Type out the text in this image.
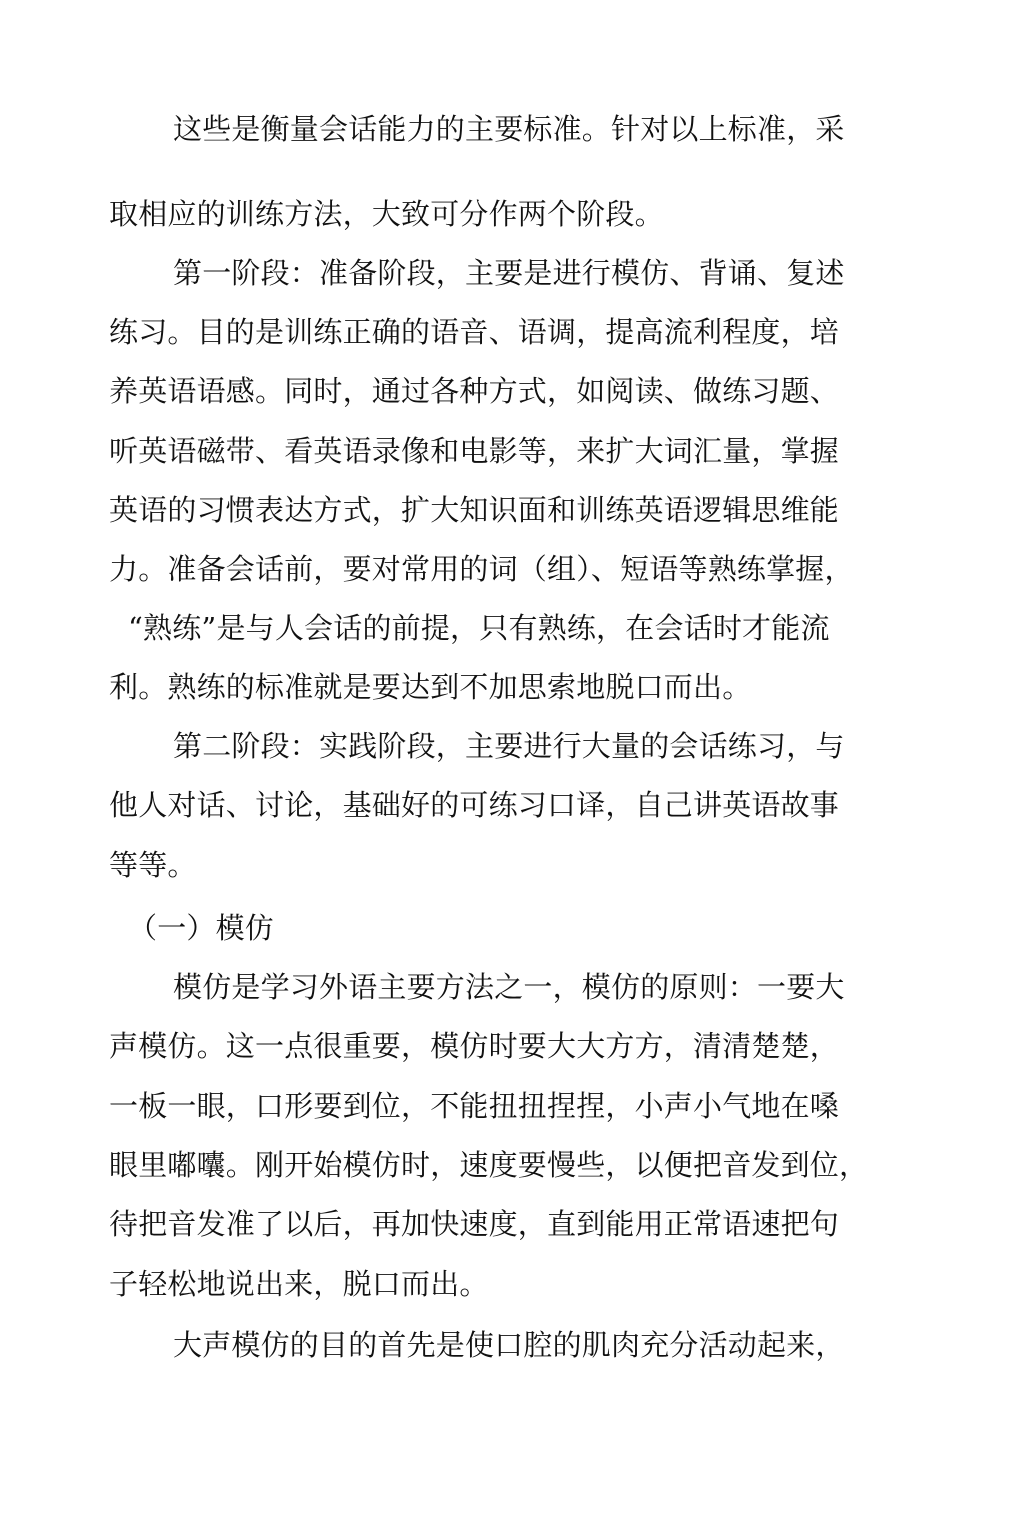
这些是衡量会话能力的主要标准。针对以上标准，采
取相应的训练方法，大致可分作两个阶段。
第一阶段：准备阶段，主要是进行模仿、背诵、复述
练习。目的是训练正确的语音、语调，提高流利程度，培
养英语语感。同时，通过各种方式，如阅读、做练习题、
听英语磁带、看英语录像和电影等，来扩大词汇量，掌握
英语的习惯表达方式，扩大知识面和训练英语逻辑思维能
力。准备会话前，要对常用的词（组）、短语等熟练掌握，
“熟练”是与人会话的前提，只有熟练，在会话时才能流
利。熟练的标准就是要达到不加思索地脱口而出。
第二阶段：实践阶段，主要进行大量的会话练习，与
他人对话、讨论，基础好的可练习口译，自己讲英语故事
等等。
（一）模仿
模仿是学习外语主要方法之一，模仿的原则：一要大
声模仿。这一点很重要，模仿时要大大方方，清清楚楚，
一板一眼，口形要到位，不能扭扭捏捏，小声小气地在嗓
眼里嘟囔。刚开始模仿时，速度要慢些，以便把音发到位，
待把音发准了以后，再加快速度，直到能用正常语速把句
子轻松地说出来，脱口而出。
大声模仿的目的首先是使口腔的肌肉充分活动起来，
